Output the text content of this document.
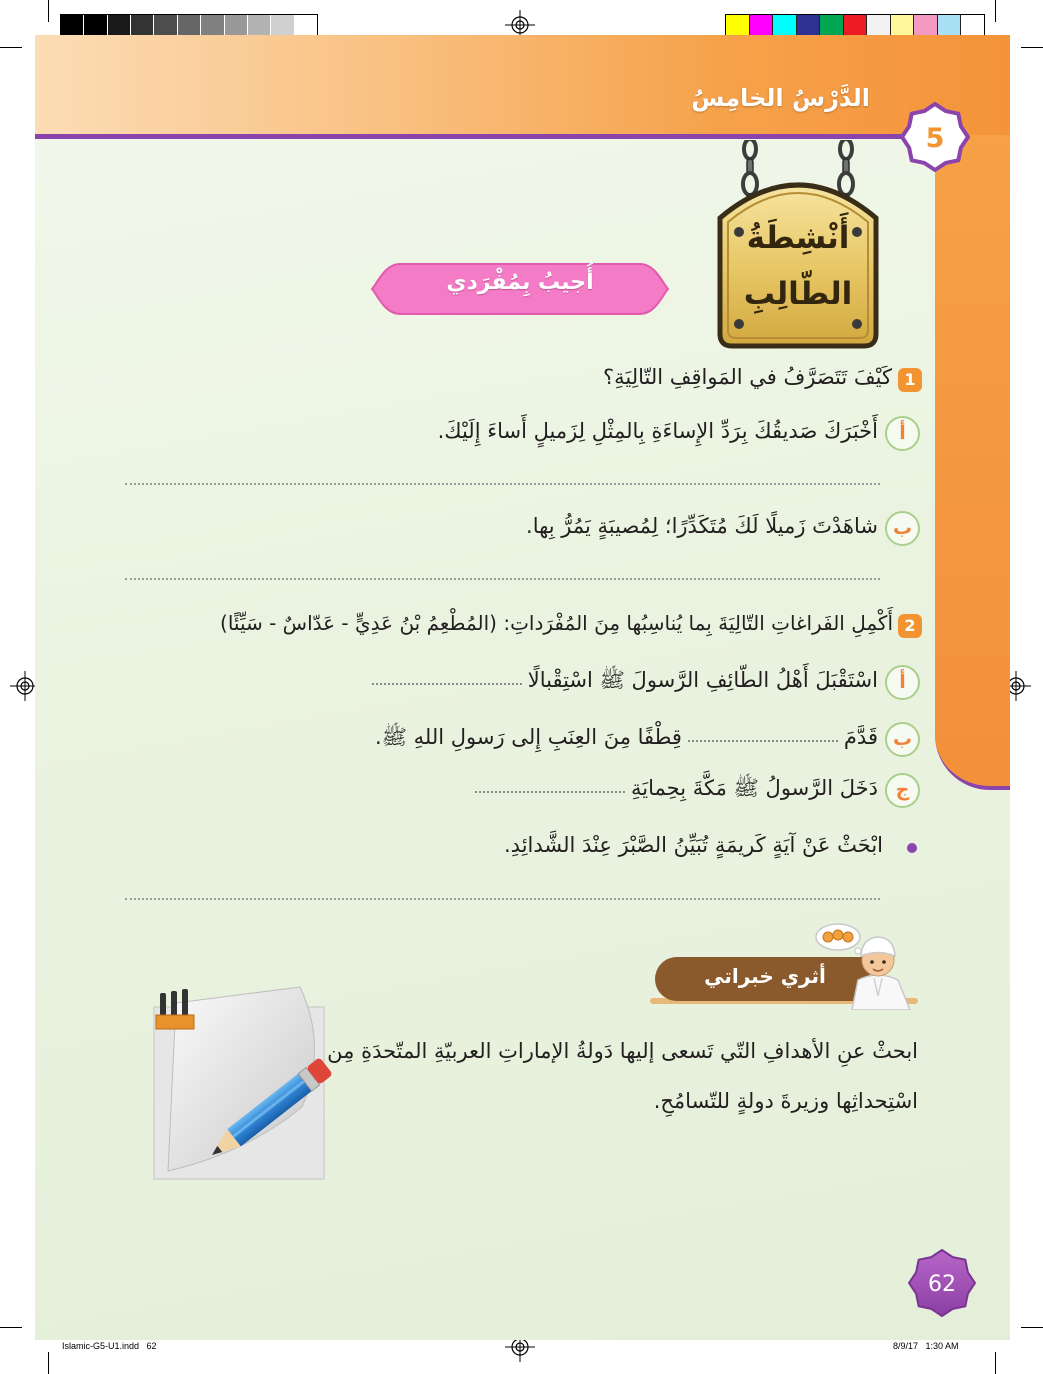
الدَّرْسُ الخامِسُ
5
أَنْشِطَةُ
الطّالِبِ
أُجيبُ بِمُفْرَدي
1
كَيْفَ تَتَصَرَّفُ في المَواقِفِ التّالِيَةِ؟
أ
أَخْبَرَكَ صَديقُكَ بِرَدِّ الإِساءَةِ بِالمِثْلِ لِزَميلٍ أَساءَ إِلَيْكَ.
ب
شاهَدْتَ زَميلًا لَكَ مُتَكَدِّرًا؛ لِمُصيبَةٍ يَمُرُّ بِها.
2
أَكْمِلِ الفَراغاتِ التّالِيَةَ بِما يُناسِبُها مِنَ المُفْرَداتِ: (المُطْعِمُ بْنُ عَدِيٍّ - عَدّاسٌ - سَيِّئًا)
أ
اسْتَقْبَلَ أَهْلُ الطّائِفِ الرَّسولَ ﷺ اسْتِقْبالًا
ب
قَدَّمَ
قِطْفًا مِنَ العِنَبِ إِلى رَسولِ اللهِ ﷺ.
ج
دَخَلَ الرَّسولُ ﷺ مَكَّةَ بِحِمايَةِ
ابْحَثْ عَنْ آيَةٍ كَريمَةٍ تُبَيِّنُ الصَّبْرَ عِنْدَ الشَّدائِدِ.
أثري خبراتي
ابحثْ عنِ الأهدافِ التّي تَسعى إليها دَولةُ الإماراتِ العربيّةِ المتّحدَةِ مِن
اسْتِحداثِها وزيرةَ دولةٍ للتّسامُحِ.
62
Islamic-G5-U1.indd   62	8/9/17   1:30 AM
